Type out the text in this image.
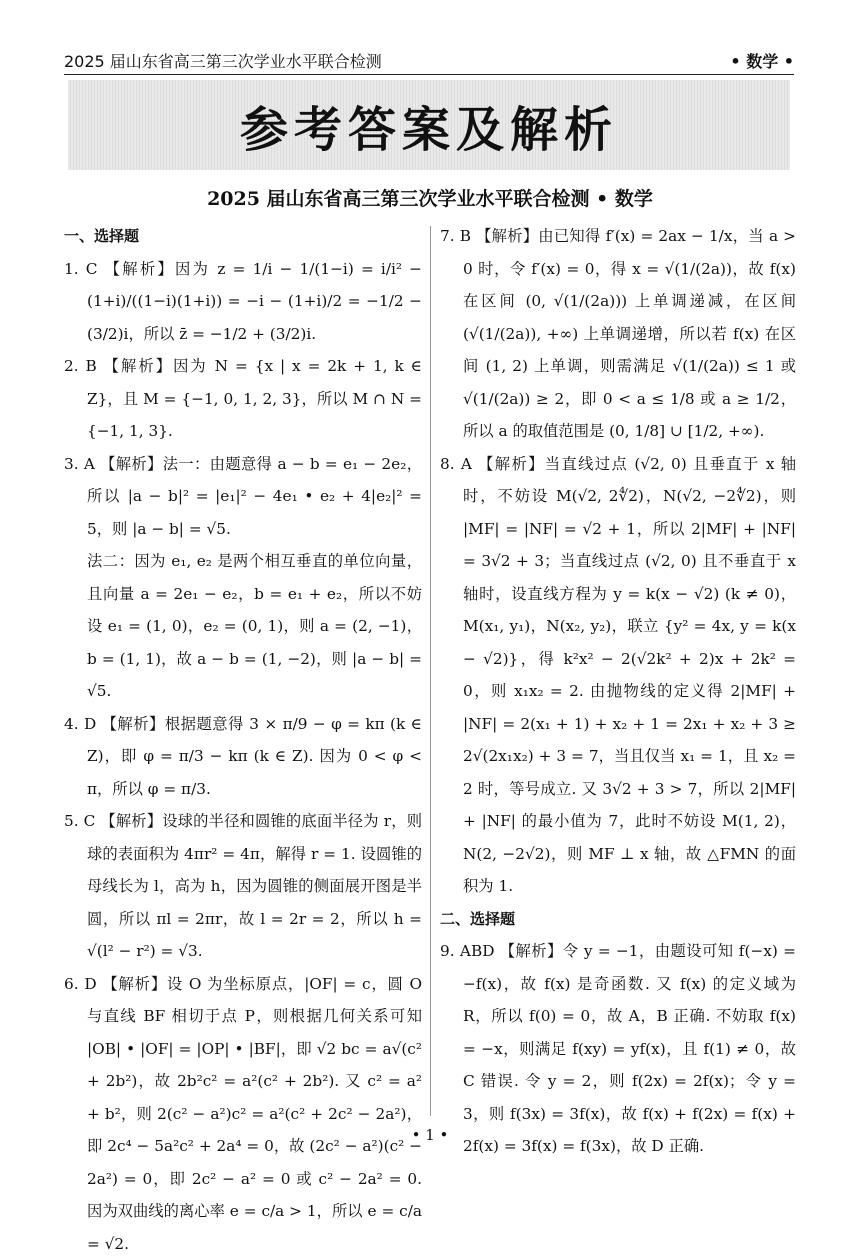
2025 届山东省高三第三次学业水平联合检测	• 数学 •
参考答案及解析
2025 届山东省高三第三次学业水平联合检测 • 数学
一、选择题

1. C 【解析】因为 z = 1/i − 1/(1−i) = i/i² − (1+i)/((1−i)(1+i)) = −i − (1+i)/2 = −1/2 − (3/2)i，所以 z̄ = −1/2 + (3/2)i.

2. B 【解析】因为 N = {x | x = 2k + 1, k ∈ Z}，且 M = {−1, 0, 1, 2, 3}，所以 M ∩ N = {−1, 1, 3}.

3. A 【解析】法一：由题意得 a − b = e₁ − 2e₂，所以 |a − b|² = |e₁|² − 4e₁ • e₂ + 4|e₂|² = 5，则 |a − b| = √5.

法二：因为 e₁, e₂ 是两个相互垂直的单位向量，且向量 a = 2e₁ − e₂，b = e₁ + e₂，所以不妨设 e₁ = (1, 0)，e₂ = (0, 1)，则 a = (2, −1)，b = (1, 1)，故 a − b = (1, −2)，则 |a − b| = √5.

4. D 【解析】根据题意得 3 × π/9 − φ = kπ (k ∈ Z)，即 φ = π/3 − kπ (k ∈ Z). 因为 0 < φ < π，所以 φ = π/3.

5. C 【解析】设球的半径和圆锥的底面半径为 r，则球的表面积为 4πr² = 4π，解得 r = 1. 设圆锥的母线长为 l，高为 h，因为圆锥的侧面展开图是半圆，所以 πl = 2πr，故 l = 2r = 2，所以 h = √(l² − r²) = √3.

6. D 【解析】设 O 为坐标原点，|OF| = c，圆 O 与直线 BF 相切于点 P，则根据几何关系可知 |OB| • |OF| = |OP| • |BF|，即 √2 bc = a√(c² + 2b²)，故 2b²c² = a²(c² + 2b²). 又 c² = a² + b²，则 2(c² − a²)c² = a²(c² + 2c² − 2a²)，即 2c⁴ − 5a²c² + 2a⁴ = 0，故 (2c² − a²)(c² − 2a²) = 0，即 2c² − a² = 0 或 c² − 2a² = 0. 因为双曲线的离心率 e = c/a > 1，所以 e = c/a = √2.

7. B 【解析】由已知得 f′(x) = 2ax − 1/x，当 a > 0 时，令 f′(x) = 0，得 x = √(1/(2a))，故 f(x) 在区间 (0, √(1/(2a))) 上单调递减，在区间 (√(1/(2a)), +∞) 上单调递增，所以若 f(x) 在区间 (1, 2) 上单调，则需满足 √(1/(2a)) ≤ 1 或 √(1/(2a)) ≥ 2，即 0 < a ≤ 1/8 或 a ≥ 1/2，所以 a 的取值范围是 (0, 1/8] ∪ [1/2, +∞).

8. A 【解析】当直线过点 (√2, 0) 且垂直于 x 轴时，不妨设 M(√2, 2∜2)，N(√2, −2∜2)，则 |MF| = |NF| = √2 + 1，所以 2|MF| + |NF| = 3√2 + 3；当直线过点 (√2, 0) 且不垂直于 x 轴时，设直线方程为 y = k(x − √2) (k ≠ 0)，M(x₁, y₁)，N(x₂, y₂)，联立 {y² = 4x, y = k(x − √2)}，得 k²x² − 2(√2k² + 2)x + 2k² = 0，则 x₁x₂ = 2. 由抛物线的定义得 2|MF| + |NF| = 2(x₁ + 1) + x₂ + 1 = 2x₁ + x₂ + 3 ≥ 2√(2x₁x₂) + 3 = 7，当且仅当 x₁ = 1，且 x₂ = 2 时，等号成立. 又 3√2 + 3 > 7，所以 2|MF| + |NF| 的最小值为 7，此时不妨设 M(1, 2)，N(2, −2√2)，则 MF ⊥ x 轴，故 △FMN 的面积为 1.

二、选择题

9. ABD 【解析】令 y = −1，由题设可知 f(−x) = −f(x)，故 f(x) 是奇函数. 又 f(x) 的定义域为 R，所以 f(0) = 0，故 A，B 正确. 不妨取 f(x) = −x，则满足 f(xy) = yf(x)，且 f(1) ≠ 0，故 C 错误. 令 y = 2，则 f(2x) = 2f(x)；令 y = 3，则 f(3x) = 3f(x)，故 f(x) + f(2x) = f(x) + 2f(x) = 3f(x) = f(3x)，故 D 正确.

• 1 •
